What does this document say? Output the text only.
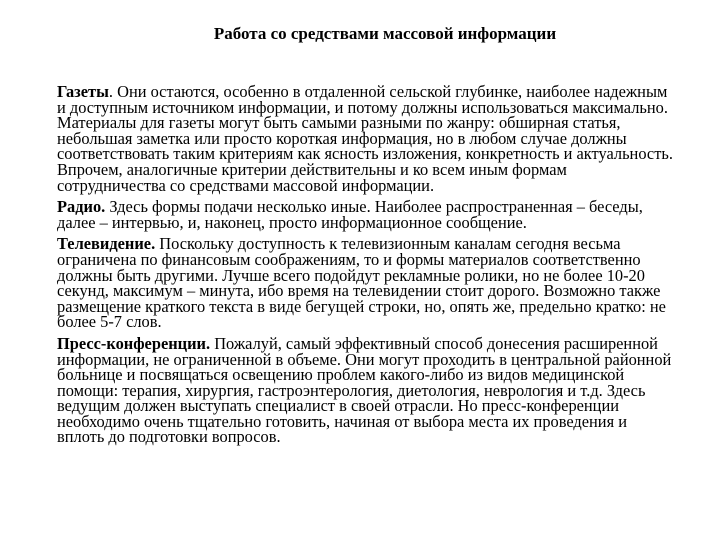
Работа со средствами массовой информации

Газеты. Они остаются, особенно в отдаленной сельской глубинке, наиболее надежным и доступным источником информации, и потому должны использоваться максимально. Материалы для газеты могут быть самыми разными по жанру: обширная статья, небольшая заметка или просто короткая информация, но в любом случае должны соответствовать таким критериям как ясность изложения, конкретность и актуальность. Впрочем, аналогичные критерии действительны и ко всем иным формам сотрудничества со средствами массовой информации.

Радио. Здесь формы подачи несколько иные. Наиболее распространенная – беседы, далее – интервью, и, наконец, просто информационное сообщение.

Телевидение. Поскольку доступность к телевизионным каналам сегодня весьма ограничена по финансовым соображениям, то и формы материалов соответственно должны быть другими. Лучше всего подойдут рекламные ролики, но не более 10-20 секунд, максимум – минута, ибо время на телевидении стоит дорого. Возможно также размещение краткого текста в виде бегущей строки, но, опять же, предельно кратко: не более 5-7 слов.

Пресс-конференции. Пожалуй, самый эффективный способ донесения расширенной информации, не ограниченной в объеме. Они могут проходить в центральной районной больнице и посвящаться освещению проблем какого-либо из видов медицинской помощи: терапия, хирургия, гастроэнтерология, диетология, неврология и т.д. Здесь ведущим должен выступать специалист в своей отрасли. Но пресс-конференции необходимо очень тщательно готовить, начиная от выбора места их проведения и вплоть до подготовки вопросов.
